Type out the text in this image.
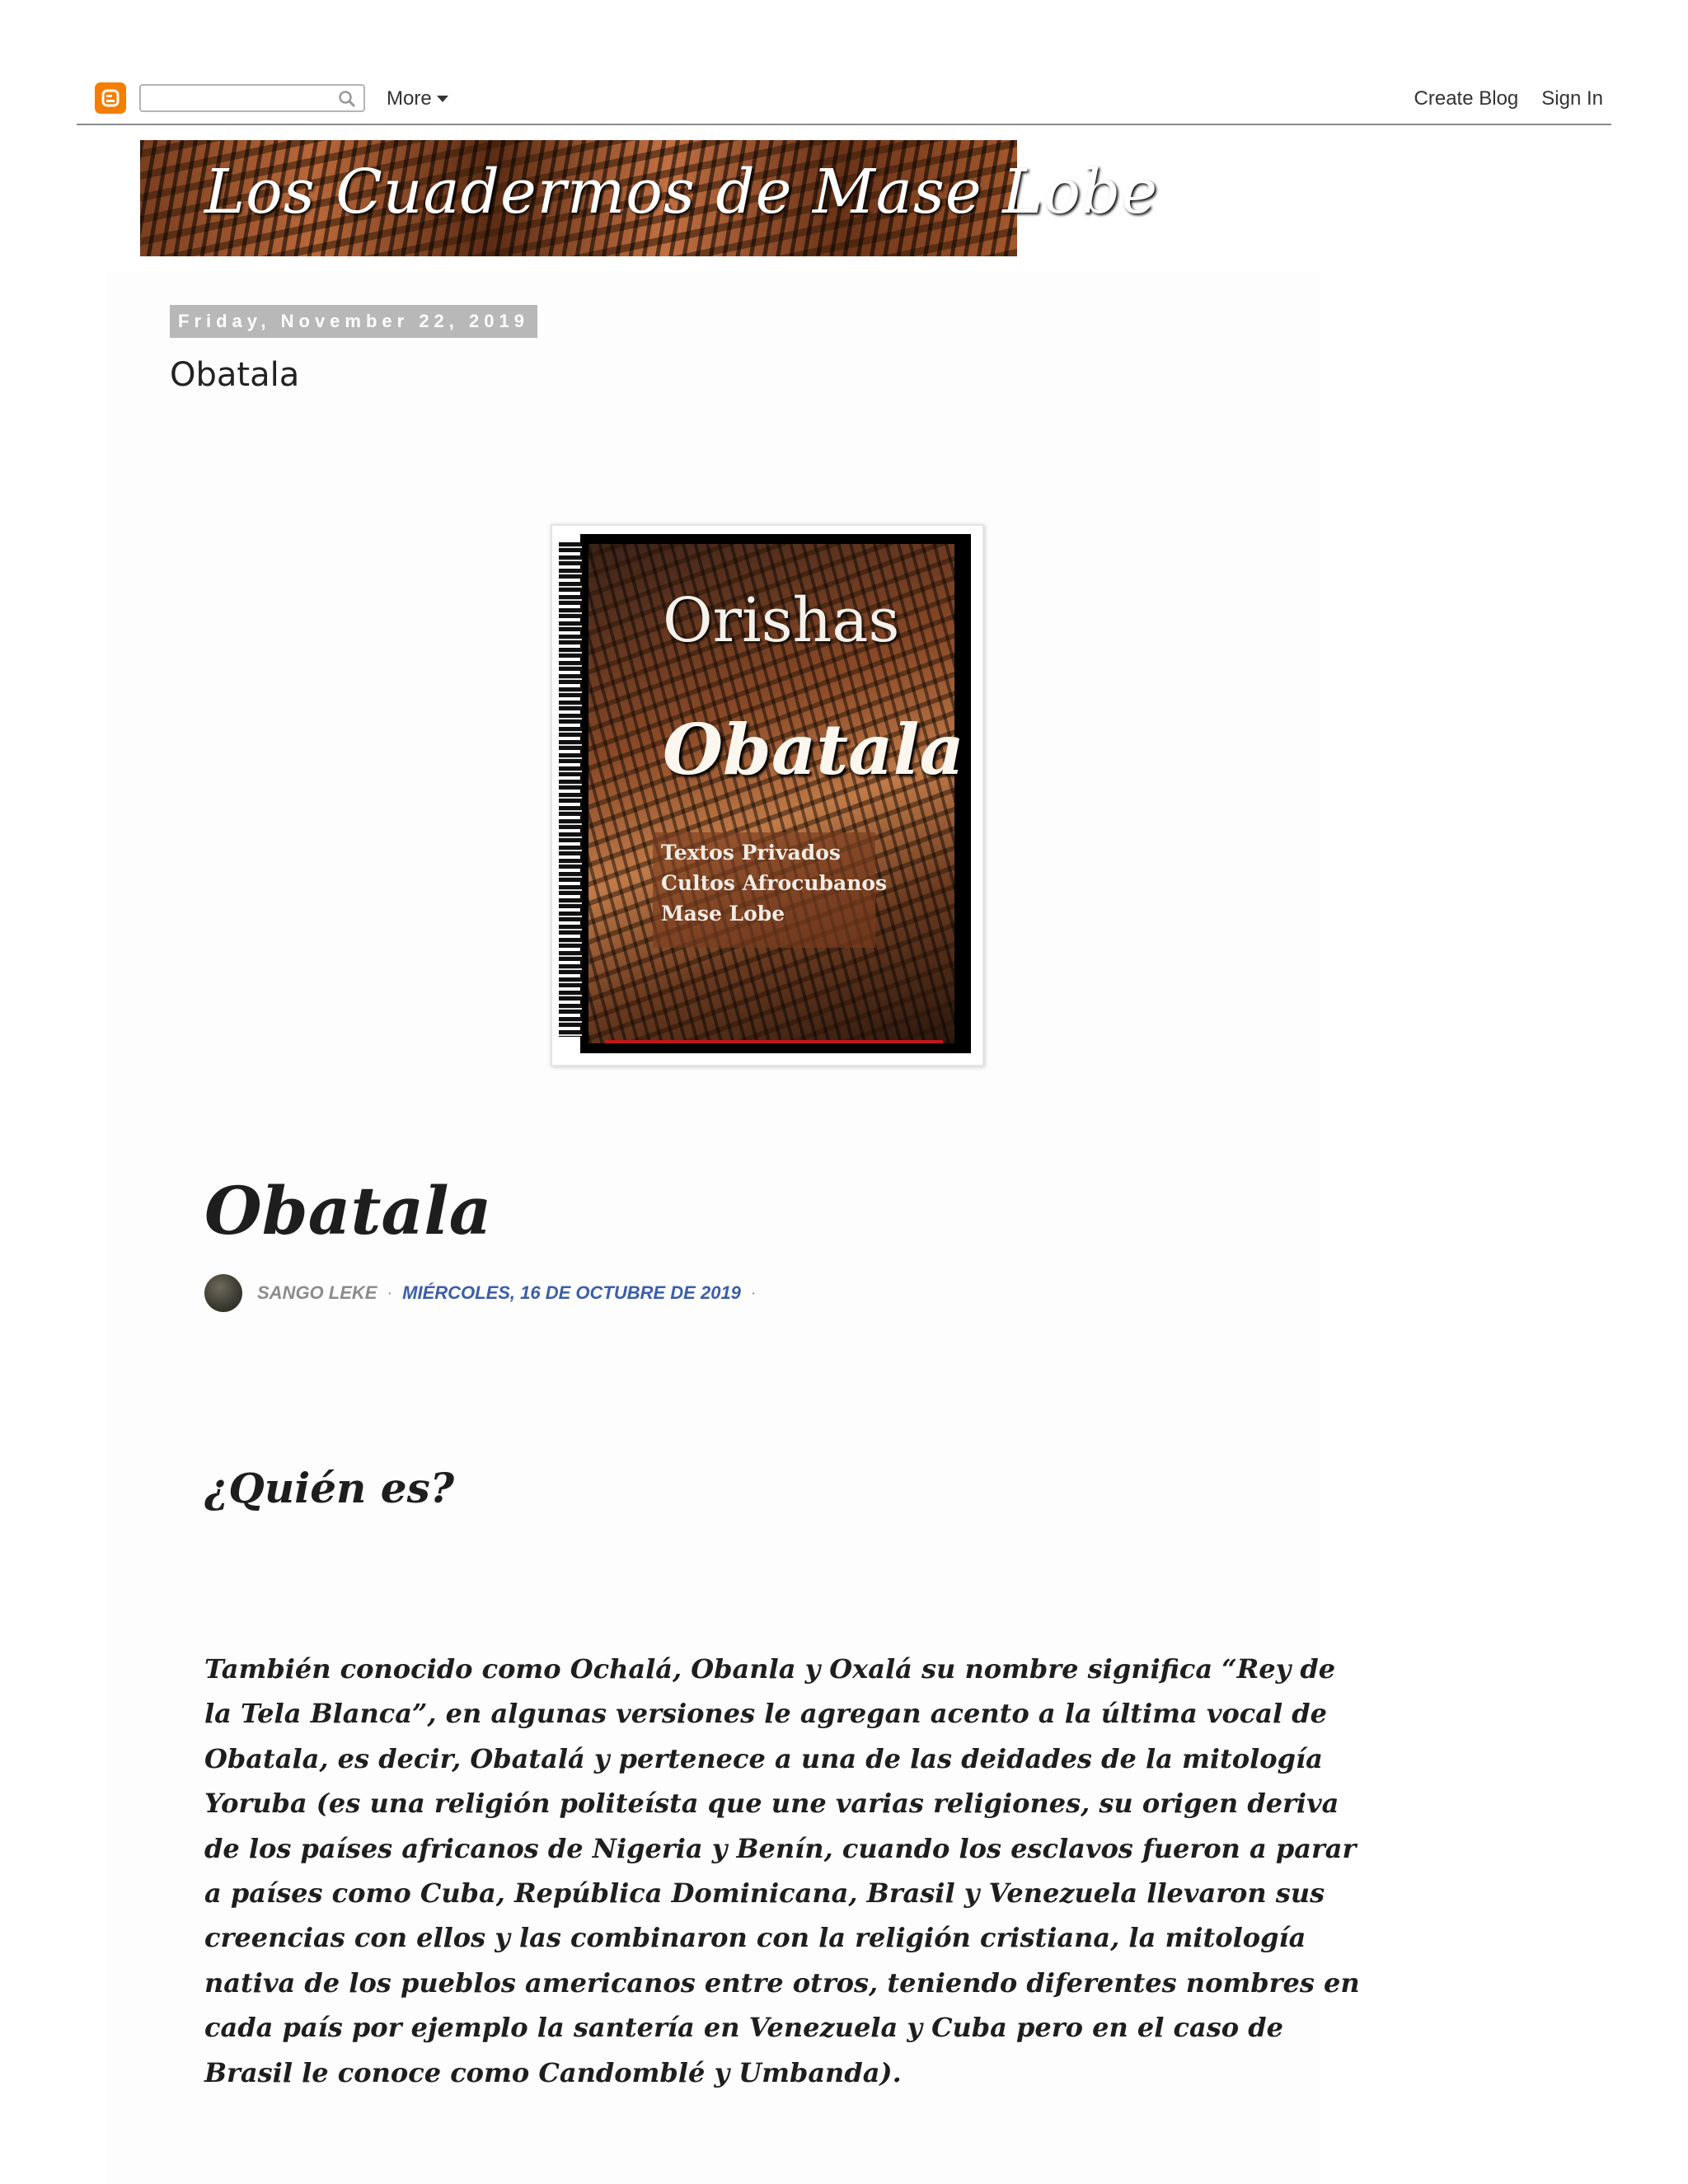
More	Create Blog Sign In
Los Cuadermos de Mase Lobe
Friday, November 22, 2019
Obatala
Orishas
Obatala
Textos Privados
Cultos Afrocubanos
Mase Lobe
Obatala
SANGO LEKE · MIÉRCOLES, 16 DE OCTUBRE DE 2019 ·
¿Quién es?
También conocido como Ochalá, Obanla y Oxalá su nombre significa “Rey de
la Tela Blanca”, en algunas versiones le agregan acento a la última vocal de
Obatala, es decir, Obatalá y pertenece a una de las deidades de la mitología
Yoruba (es una religión politeísta que une varias religiones, su origen deriva
de los países africanos de Nigeria y Benín, cuando los esclavos fueron a parar
a países como Cuba, República Dominicana, Brasil y Venezuela llevaron sus
creencias con ellos y las combinaron con la religión cristiana, la mitología
nativa de los pueblos americanos entre otros, teniendo diferentes nombres en
cada país por ejemplo la santería en Venezuela y Cuba pero en el caso de
Brasil le conoce como Candomblé y Umbanda).
